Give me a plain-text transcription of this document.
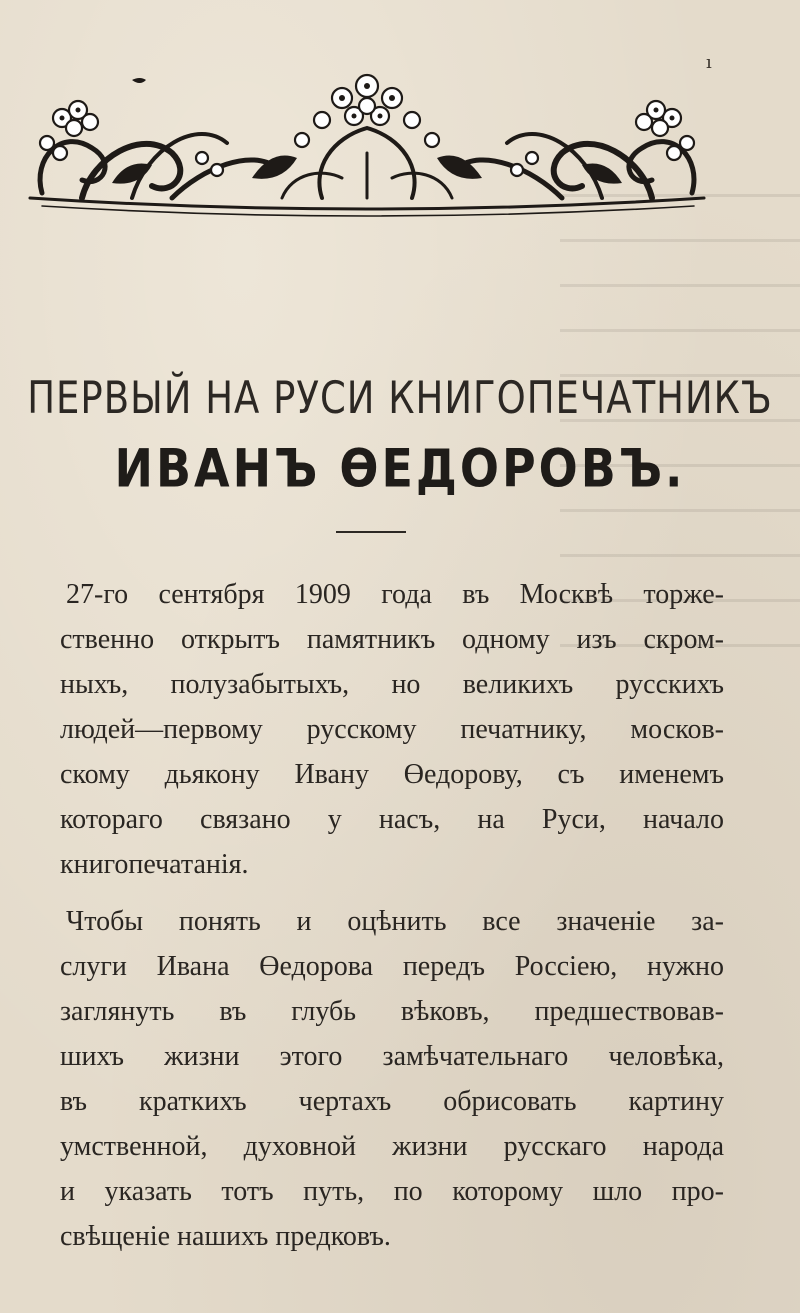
ı
ПЕРВЫЙ НА РУСИ КНИГОПЕЧАТНИКЪ
ИВАНЪ ӨЕДОРОВЪ.
27-го сентября 1909 года въ Москвѣ торже-
ственно открытъ памятникъ одному изъ скром-
ныхъ, полузабытыхъ, но великихъ русскихъ
людей—первому русскому печатнику, москов-
скому дьякону Ивану Өедорову, съ именемъ
котораго связано у насъ, на Руси, начало
книгопечатанія.
Чтобы понять и оцѣнить все значеніе за-
слуги Ивана Өедорова передъ Россіею, нужно
заглянуть въ глубь вѣковъ, предшествовав-
шихъ жизни этого замѣчательнаго человѣка,
въ краткихъ чертахъ обрисовать картину
умственной, духовной жизни русскаго народа
и указать тотъ путь, по которому шло про-
свѣщеніе нашихъ предковъ.
